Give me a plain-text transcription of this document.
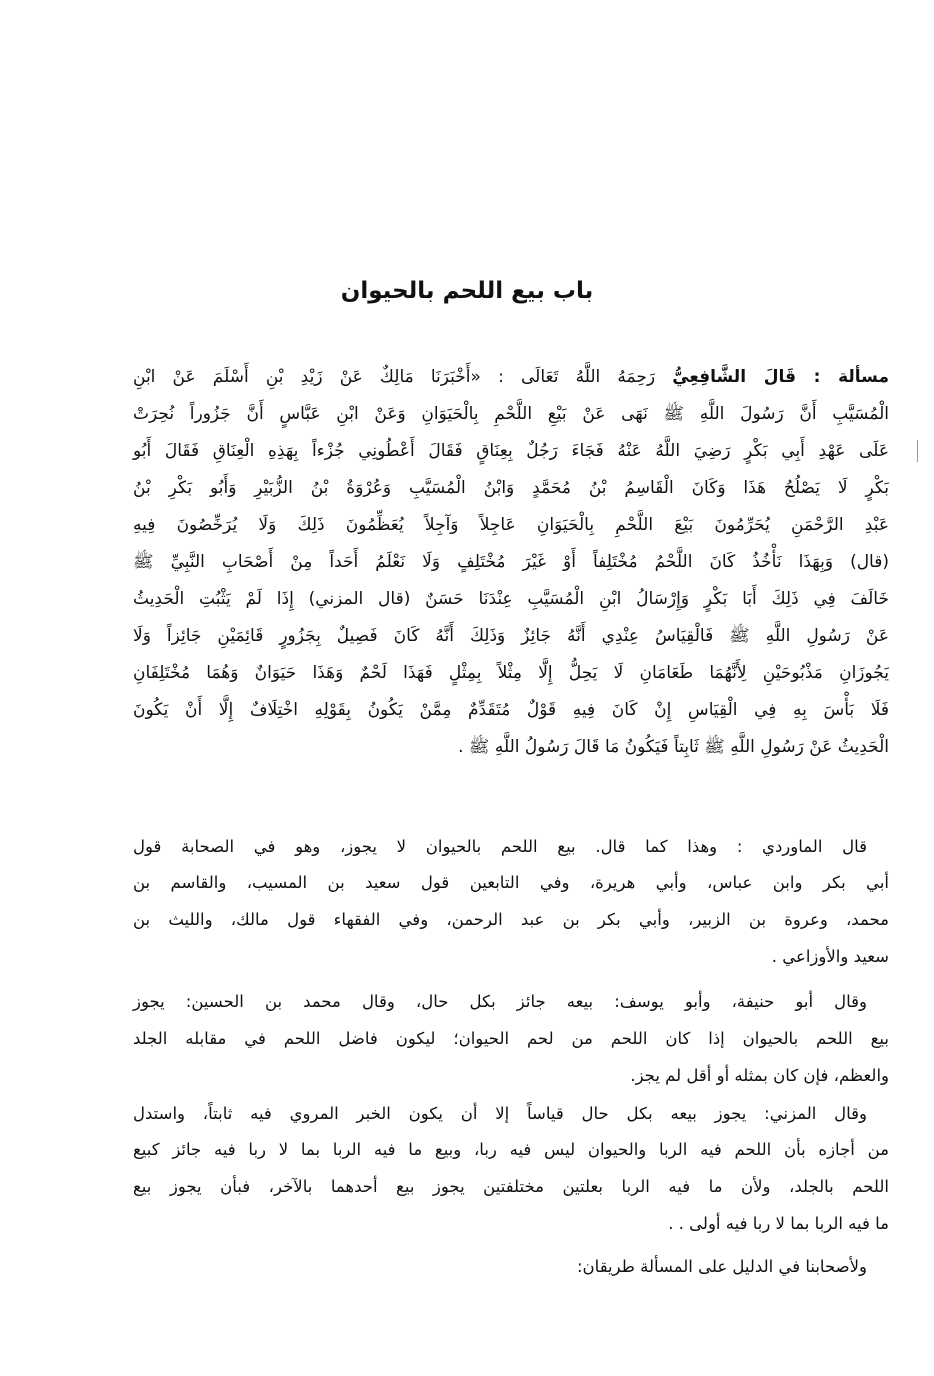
باب بيع اللحم بالحيوان
مسألة : قَالَ الشَّافِعِيُّ رَحِمَهُ اللَّهُ تَعَالَى : «أَخْبَرَنَا مَالِكٌ عَنْ زَيْدِ بْنِ أَسْلَمَ عَنْ ابْنِ
الْمُسَيَّبِ أَنَّ رَسُولَ اللَّهِ ﷺ نَهَى عَنْ بَيْعِ اللَّحْمِ بِالْحَيَوَانِ وَعَنْ ابْنِ عَبَّاسٍ أَنَّ جَزُوراً نُحِرَتْ
عَلَى عَهْدِ أَبِي بَكْرٍ رَضِيَ اللَّهُ عَنْهُ فَجَاءَ رَجُلٌ بِعِنَاقٍ فَقَالَ أَعْطُونِي جُزْءاً بِهَذِهِ الْعِنَاقِ فَقَالَ أَبُو
بَكْرٍ لَا يَصْلُحُ هَذَا وَكَانَ الْقَاسِمُ بْنُ مُحَمَّدٍ وَابْنُ الْمُسَيَّبِ وَعُرْوَةُ بْنُ الزُّبَيْرِ وَأَبُو بَكْرِ بْنُ
عَبْدِ الرَّحْمَنِ يُحَرِّمُونَ بَيْعَ اللَّحْمِ بِالْحَيَوَانِ عَاجِلاً وَآجِلاً يُعَظِّمُونَ ذَلِكَ وَلَا يُرَخِّصُونَ فِيهِ
(قال) وَبِهَذَا نَأْخُذُ كَانَ اللَّحْمُ مُخْتَلِفاً أَوْ غَيْرَ مُخْتَلِفٍ وَلَا نَعْلَمُ أَحَداً مِنْ أَصْحَابِ النَّبِيِّ ﷺ
خَالَفَ فِي ذَلِكَ أَبَا بَكْرٍ وَإِرْسَالُ ابْنِ الْمُسَيَّبِ عِنْدَنَا حَسَنٌ (قال المزني) إِذَا لَمْ يَثْبُتِ الْحَدِيثُ
عَنْ رَسُولِ اللَّهِ ﷺ فَالْقِيَاسُ عِنْدِي أَنَّهُ جَائِزٌ وَذَلِكَ أَنَّهُ كَانَ فَصِيلٌ بِجَزُورٍ قَائِمَيْنِ جَائِزاً وَلَا
يَجُوزَانِ مَذْبُوحَيْنِ لِأَنَّهُمَا طَعَامَانِ لَا يَحِلُّ إِلَّا مِثْلاً بِمِثْلٍ فَهَذَا لَحْمٌ وَهَذَا حَيَوَانٌ وَهُمَا مُخْتَلِفَانِ
فَلَا بَأْسَ بِهِ فِي الْقِيَاسِ إِنْ كَانَ فِيهِ قَوْلٌ مُتَقَدِّمٌ مِمَّنْ يَكُونُ بِقَوْلِهِ اخْتِلَافٌ إِلَّا أَنْ يَكُونَ
الْحَدِيثُ عَنْ رَسُولِ اللَّهِ ﷺ ثَابِتاً فَيَكُونُ مَا قَالَ رَسُولُ اللَّهِ ﷺ .
قال الماوردي : وهذا كما قال. بيع اللحم بالحيوان لا يجوز، وهو في الصحابة قول
أبي بكر وابن عباس، وأبي هريرة، وفي التابعين قول سعيد بن المسيب، والقاسم بن
محمد، وعروة بن الزبير، وأبي بكر بن عبد الرحمن، وفي الفقهاء قول مالك، والليث بن
سعيد والأوزاعي .
وقال أبو حنيفة، وأبو يوسف: بيعه جائز بكل حال، وقال محمد بن الحسين: يجوز
بيع اللحم بالحيوان إذا كان اللحم من لحم الحيوان؛ ليكون فاضل اللحم في مقابله الجلد
والعظم، فإن كان بمثله أو أقل لم يجز.
وقال المزني: يجوز بيعه بكل حال قياساً إلا أن يكون الخبر المروي فيه ثابتاً، واستدل
من أجازه بأن اللحم فيه الربا والحيوان ليس فيه ربا، وبيع ما فيه الربا بما لا ربا فيه جائز كبيع
اللحم بالجلد، ولأن ما فيه الربا بعلتين مختلفتين يجوز بيع أحدهما بالآخر، فبأن يجوز بيع
ما فيه الربا بما لا ربا فيه أولى . .
ولأصحابنا في الدليل على المسألة طريقان:
